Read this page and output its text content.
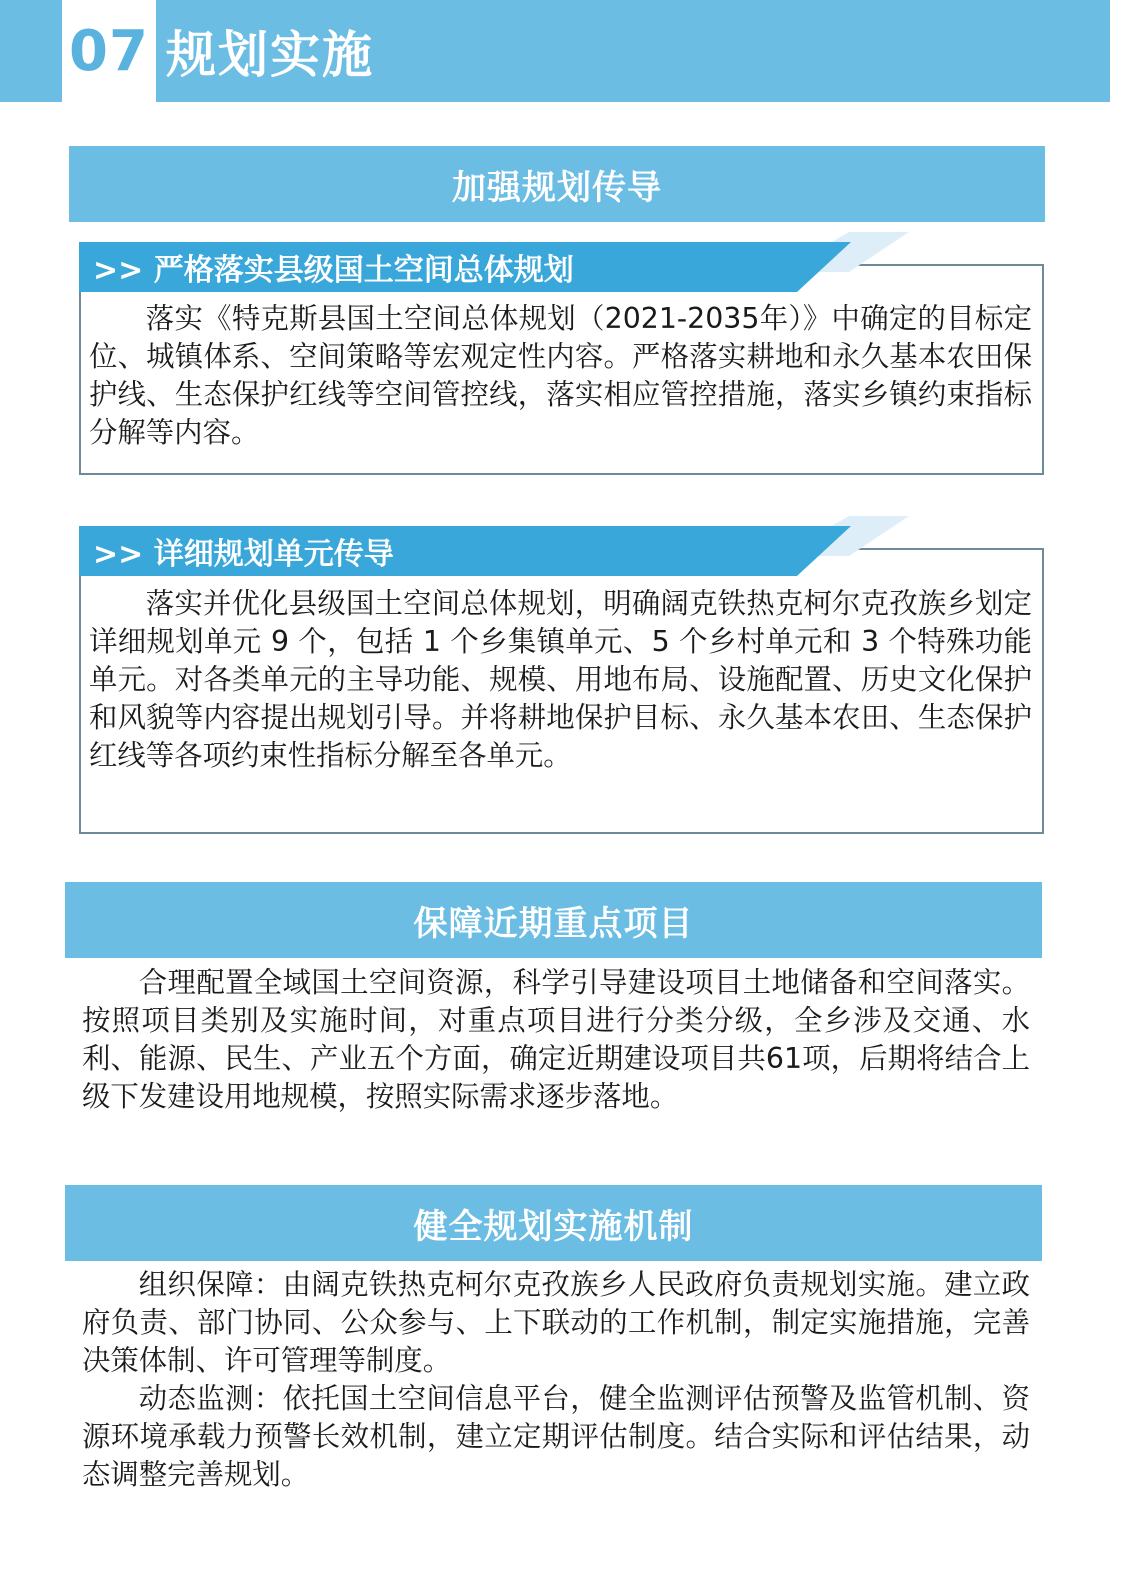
07 规划实施
加强规划传导
>> 严格落实县级国土空间总体规划

落实《特克斯县国土空间总体规划（2021-2035年）》中确定的目标定位、城镇体系、空间策略等宏观定性内容。严格落实耕地和永久基本农田保护线、生态保护红线等空间管控线，落实相应管控措施，落实乡镇约束指标分解等内容。

>> 详细规划单元传导

落实并优化县级国土空间总体规划，明确阔克铁热克柯尔克孜族乡划定详细规划单元 9 个，包括 1 个乡集镇单元、5 个乡村单元和 3 个特殊功能单元。对各类单元的主导功能、规模、用地布局、设施配置、历史文化保护和风貌等内容提出规划引导。并将耕地保护目标、永久基本农田、生态保护红线等各项约束性指标分解至各单元。

保障近期重点项目

合理配置全域国土空间资源，科学引导建设项目土地储备和空间落实。按照项目类别及实施时间，对重点项目进行分类分级，全乡涉及交通、水利、能源、民生、产业五个方面，确定近期建设项目共61项，后期将结合上级下发建设用地规模，按照实际需求逐步落地。

健全规划实施机制

组织保障：由阔克铁热克柯尔克孜族乡人民政府负责规划实施。建立政府负责、部门协同、公众参与、上下联动的工作机制，制定实施措施，完善决策体制、许可管理等制度。

动态监测：依托国土空间信息平台，健全监测评估预警及监管机制、资源环境承载力预警长效机制，建立定期评估制度。结合实际和评估结果，动态调整完善规划。
